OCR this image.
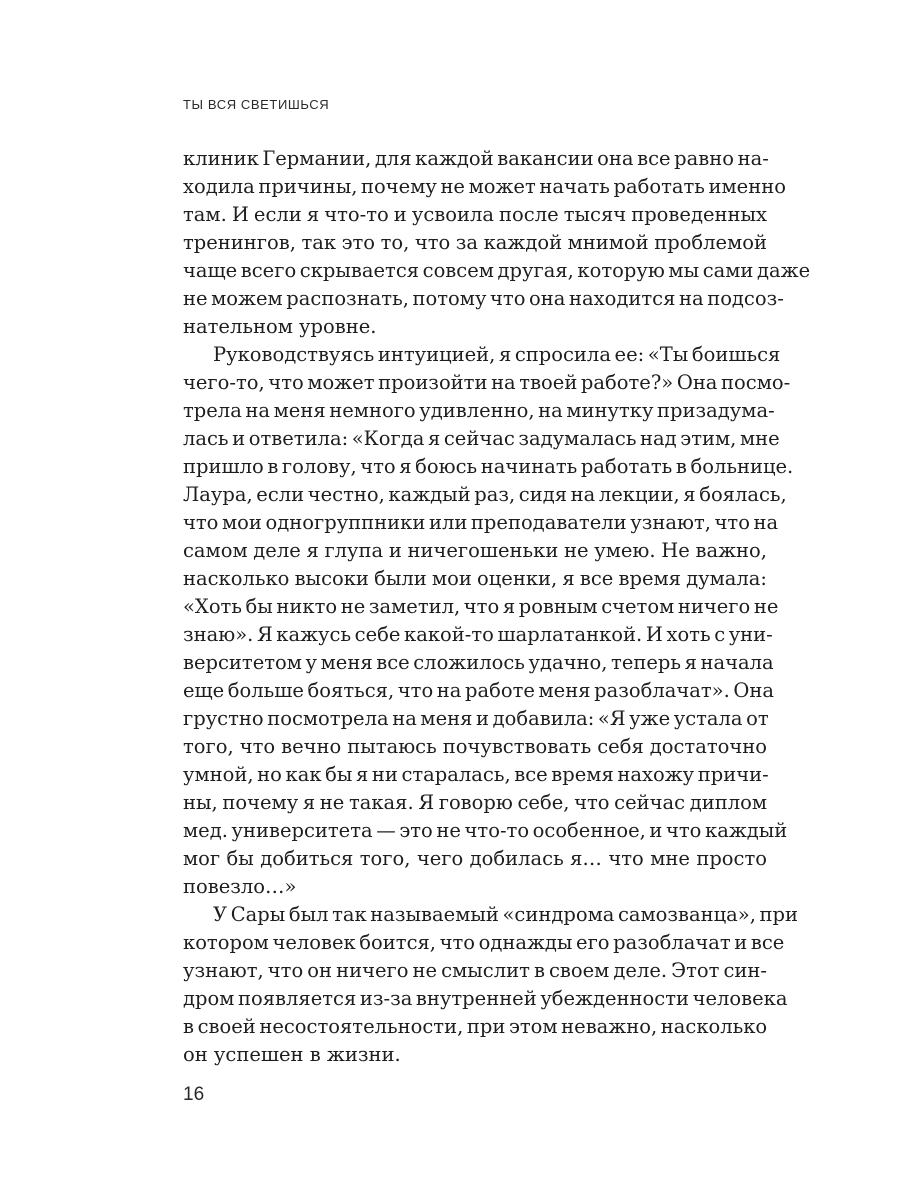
ТЫ ВСЯ СВЕТИШЬСЯ
клиник Германии, для каждой вакансии она все равно на-
ходила причины, почему не может начать работать именно
там. И если я что-то и усвоила после тысяч проведенных
тренингов, так это то, что за каждой мнимой проблемой
чаще всего скрывается совсем другая, которую мы сами даже
не можем распознать, потому что она находится на подсоз-
нательном уровне.
Руководствуясь интуицией, я спросила ее: «Ты боишься
чего-то, что может произойти на твоей работе?» Она посмо-
трела на меня немного удивленно, на минутку призадума-
лась и ответила: «Когда я сейчас задумалась над этим, мне
пришло в голову, что я боюсь начинать работать в больнице.
Лаура, если честно, каждый раз, сидя на лекции, я боялась,
что мои одногруппники или преподаватели узнают, что на
самом деле я глупа и ничегошеньки не умею. Не важно,
насколько высоки были мои оценки, я все время думала:
«Хоть бы никто не заметил, что я ровным счетом ничего не
знаю». Я кажусь себе какой-то шарлатанкой. И хоть с уни-
верситетом у меня все сложилось удачно, теперь я начала
еще больше бояться, что на работе меня разоблачат». Она
грустно посмотрела на меня и добавила: «Я уже устала от
того, что вечно пытаюсь почувствовать себя достаточно
умной, но как бы я ни старалась, все время нахожу причи-
ны, почему я не такая. Я говорю себе, что сейчас диплом
мед. университета — это не что-то особенное, и что каждый
мог бы добиться того, чего добилась я… что мне просто
повезло…»
У Сары был так называемый «синдрома самозванца», при
котором человек боится, что однажды его разоблачат и все
узнают, что он ничего не смыслит в своем деле. Этот син-
дром появляется из-за внутренней убежденности человека
в своей несостоятельности, при этом неважно, насколько
он успешен в жизни.
16
